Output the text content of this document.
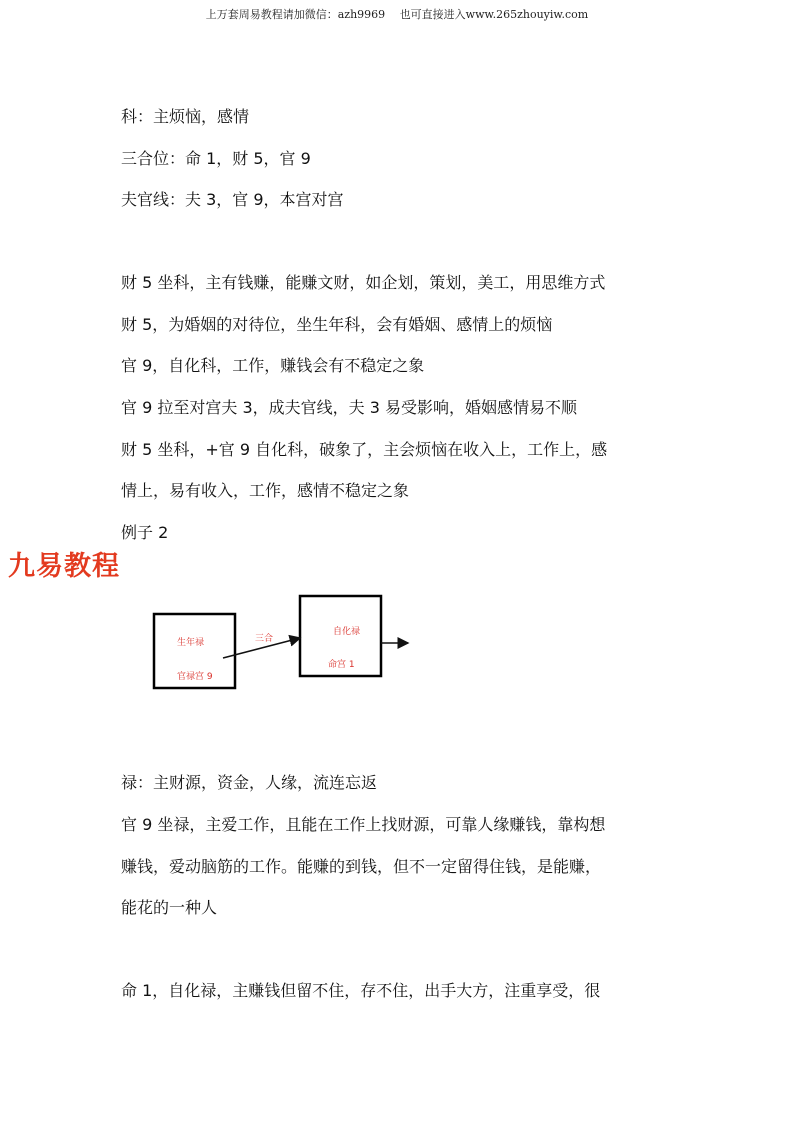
上万套周易教程请加微信：azh9969　 也可直接进入www.265zhouyiw.com
科：主烦恼，感情
三合位：命 1，财 5，官 9
夫官线：夫 3，官 9，本宫对宫
财 5 坐科，主有钱赚，能赚文财，如企划，策划，美工，用思维方式
财 5，为婚姻的对待位，坐生年科，会有婚姻、感情上的烦恼
官 9，自化科，工作，赚钱会有不稳定之象
官 9 拉至对宫夫 3，成夫官线，夫 3 易受影响，婚姻感情易不顺
财 5 坐科，+官 9 自化科，破象了，主会烦恼在收入上，工作上，感
情上，易有收入，工作，感情不稳定之象
例子 2
九易教程
生年禄
官禄宫 9
三合
自化禄
命宫 1
禄：主财源，资金，人缘，流连忘返
官 9 坐禄，主爱工作，且能在工作上找财源，可靠人缘赚钱，靠构想
赚钱，爱动脑筋的工作。能赚的到钱，但不一定留得住钱，是能赚，
能花的一种人
命 1，自化禄，主赚钱但留不住，存不住，出手大方，注重享受，很
